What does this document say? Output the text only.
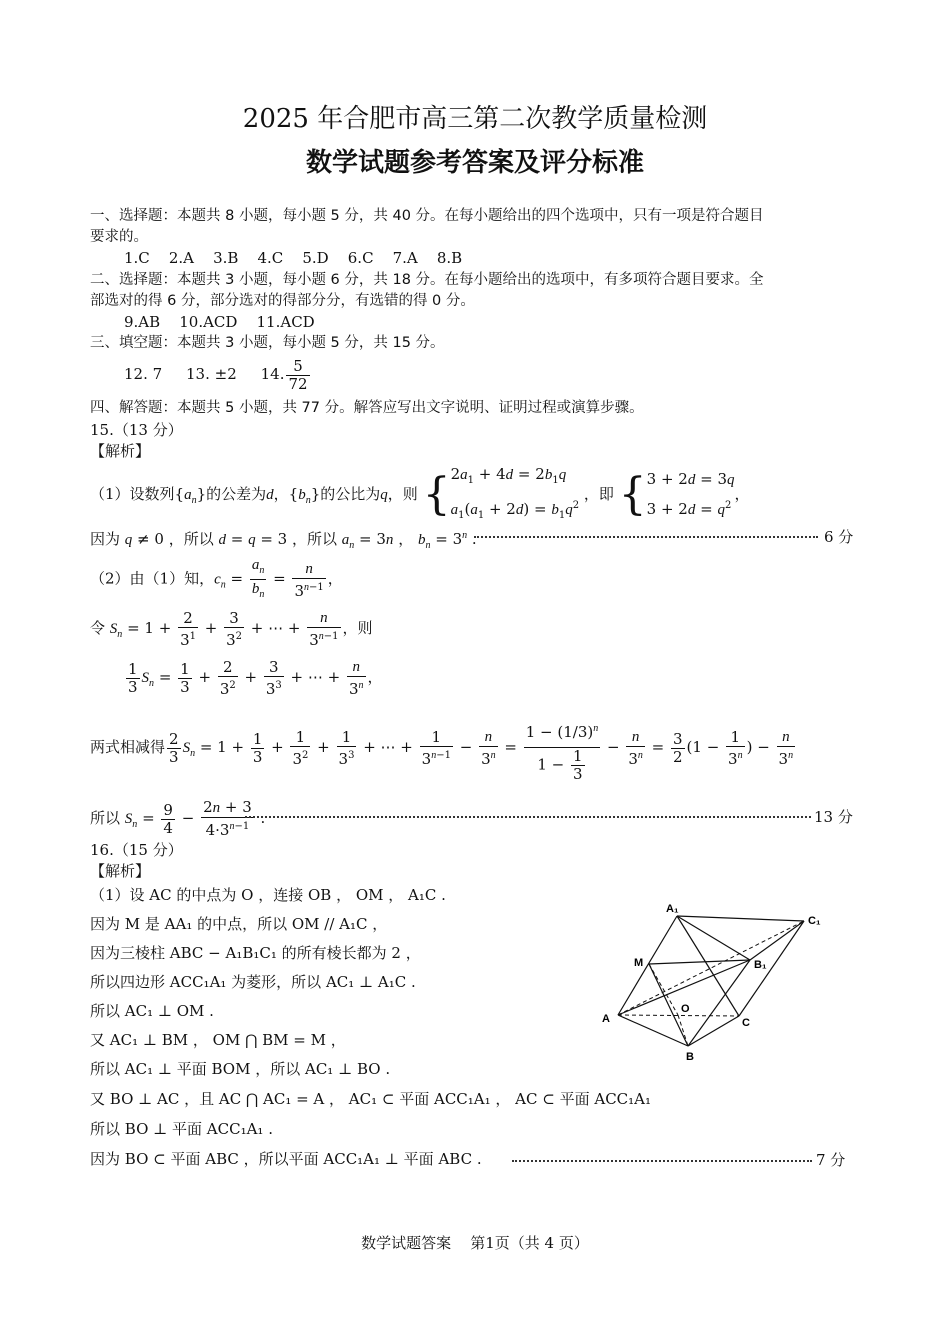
2025 年合肥市高三第二次教学质量检测
数学试题参考答案及评分标准
一、选择题：本题共 8 小题，每小题 5 分，共 40 分。在每小题给出的四个选项中，只有一项是符合题目
要求的。
1.C    2.A    3.B    4.C    5.D    6.C    7.A    8.B
二、选择题：本题共 3 小题，每小题 6 分，共 18 分。在每小题给出的选项中，有多项符合题目要求。全
部选对的得 6 分，部分选对的得部分分，有选错的得 0 分。
9.AB    10.ACD    11.ACD
三、填空题：本题共 3 小题，每小题 5 分，共 15 分。
12. 7 13. ±2 14. $\frac{5}{72}$
四、解答题：本题共 5 小题，共 77 分。解答应写出文字说明、证明过程或演算步骤。
15.（13 分）
【解析】
（1）设数列$\{a_n\}$的公差为d，$\{b_n\}$的公比为q，则 { $2a_1 + 4d = 2b_1q$
$a_1(a_1 + 2d) = b_1q^2$
，即 { 3 + 2d = 3q
$3 + 2d = q^2$
，
因为 q ≠ 0 ，所以 d = q = 3 ，所以 $a_n = 3n$ ， $b_n = 3^n$ .	6 分
（2）由（1）知，$c_n = \frac{a_n}{b_n} = \frac{n}{3^{n-1}}$ ，
令 $S_n = 1 + \frac{2}{3^1} + \frac{3}{3^2}$ + ⋯ + $\frac{n}{3^{n-1}}$ ，则
$\frac{1}{3} S_n = \frac{1}{3} + \frac{2}{3^2} + \frac{3}{3^3}$ + ⋯ + $\frac{n}{3^n}$ ，
两式相减得 $\frac{2}{3} S_n = 1 + \frac{1}{3} + \frac{1}{3^2} + \frac{1}{3^3}$ + ⋯ + $\frac{1}{3^{n-1}} - \frac{n}{3^n} = \frac{1 - (1/3)^n}{1 - \frac{1}{3}} - \frac{n}{3^n} = \frac{3}{2} (1 - \frac{1}{3^n}$ ) − $\frac{n}{3^n}$
所以 $S_n = \frac{9}{4} - \frac{2n + 3}{4\cdot 3^{n-1}}$ .	13 分
16.（15 分）
【解析】
（1）设 AC 的中点为 O ，连接 OB ， OM ， A₁C .
因为 M 是 AA₁ 的中点，所以 OM // A₁C ，
因为三棱柱 ABC − A₁B₁C₁ 的所有棱长都为 2 ，
所以四边形 ACC₁A₁ 为菱形，所以 AC₁ ⊥ A₁C .
所以 AC₁ ⊥ OM .
又 AC₁ ⊥ BM ， OM ⋂ BM = M ，
所以 AC₁ ⊥ 平面 BOM ，所以 AC₁ ⊥ BO .
又 BO ⊥ AC ，且 AC ⋂ AC₁ = A ， AC₁ ⊂ 平面 ACC₁A₁ ， AC ⊂ 平面 ACC₁A₁
所以 BO ⊥ 平面 ACC₁A₁ .
因为 BO ⊂ 平面 ABC ，所以平面 ACC₁A₁ ⊥ 平面 ABC .	7 分
A₁
C₁
M	B₁
O
A	C
B
数学试题答案    第1页（共 4 页）
